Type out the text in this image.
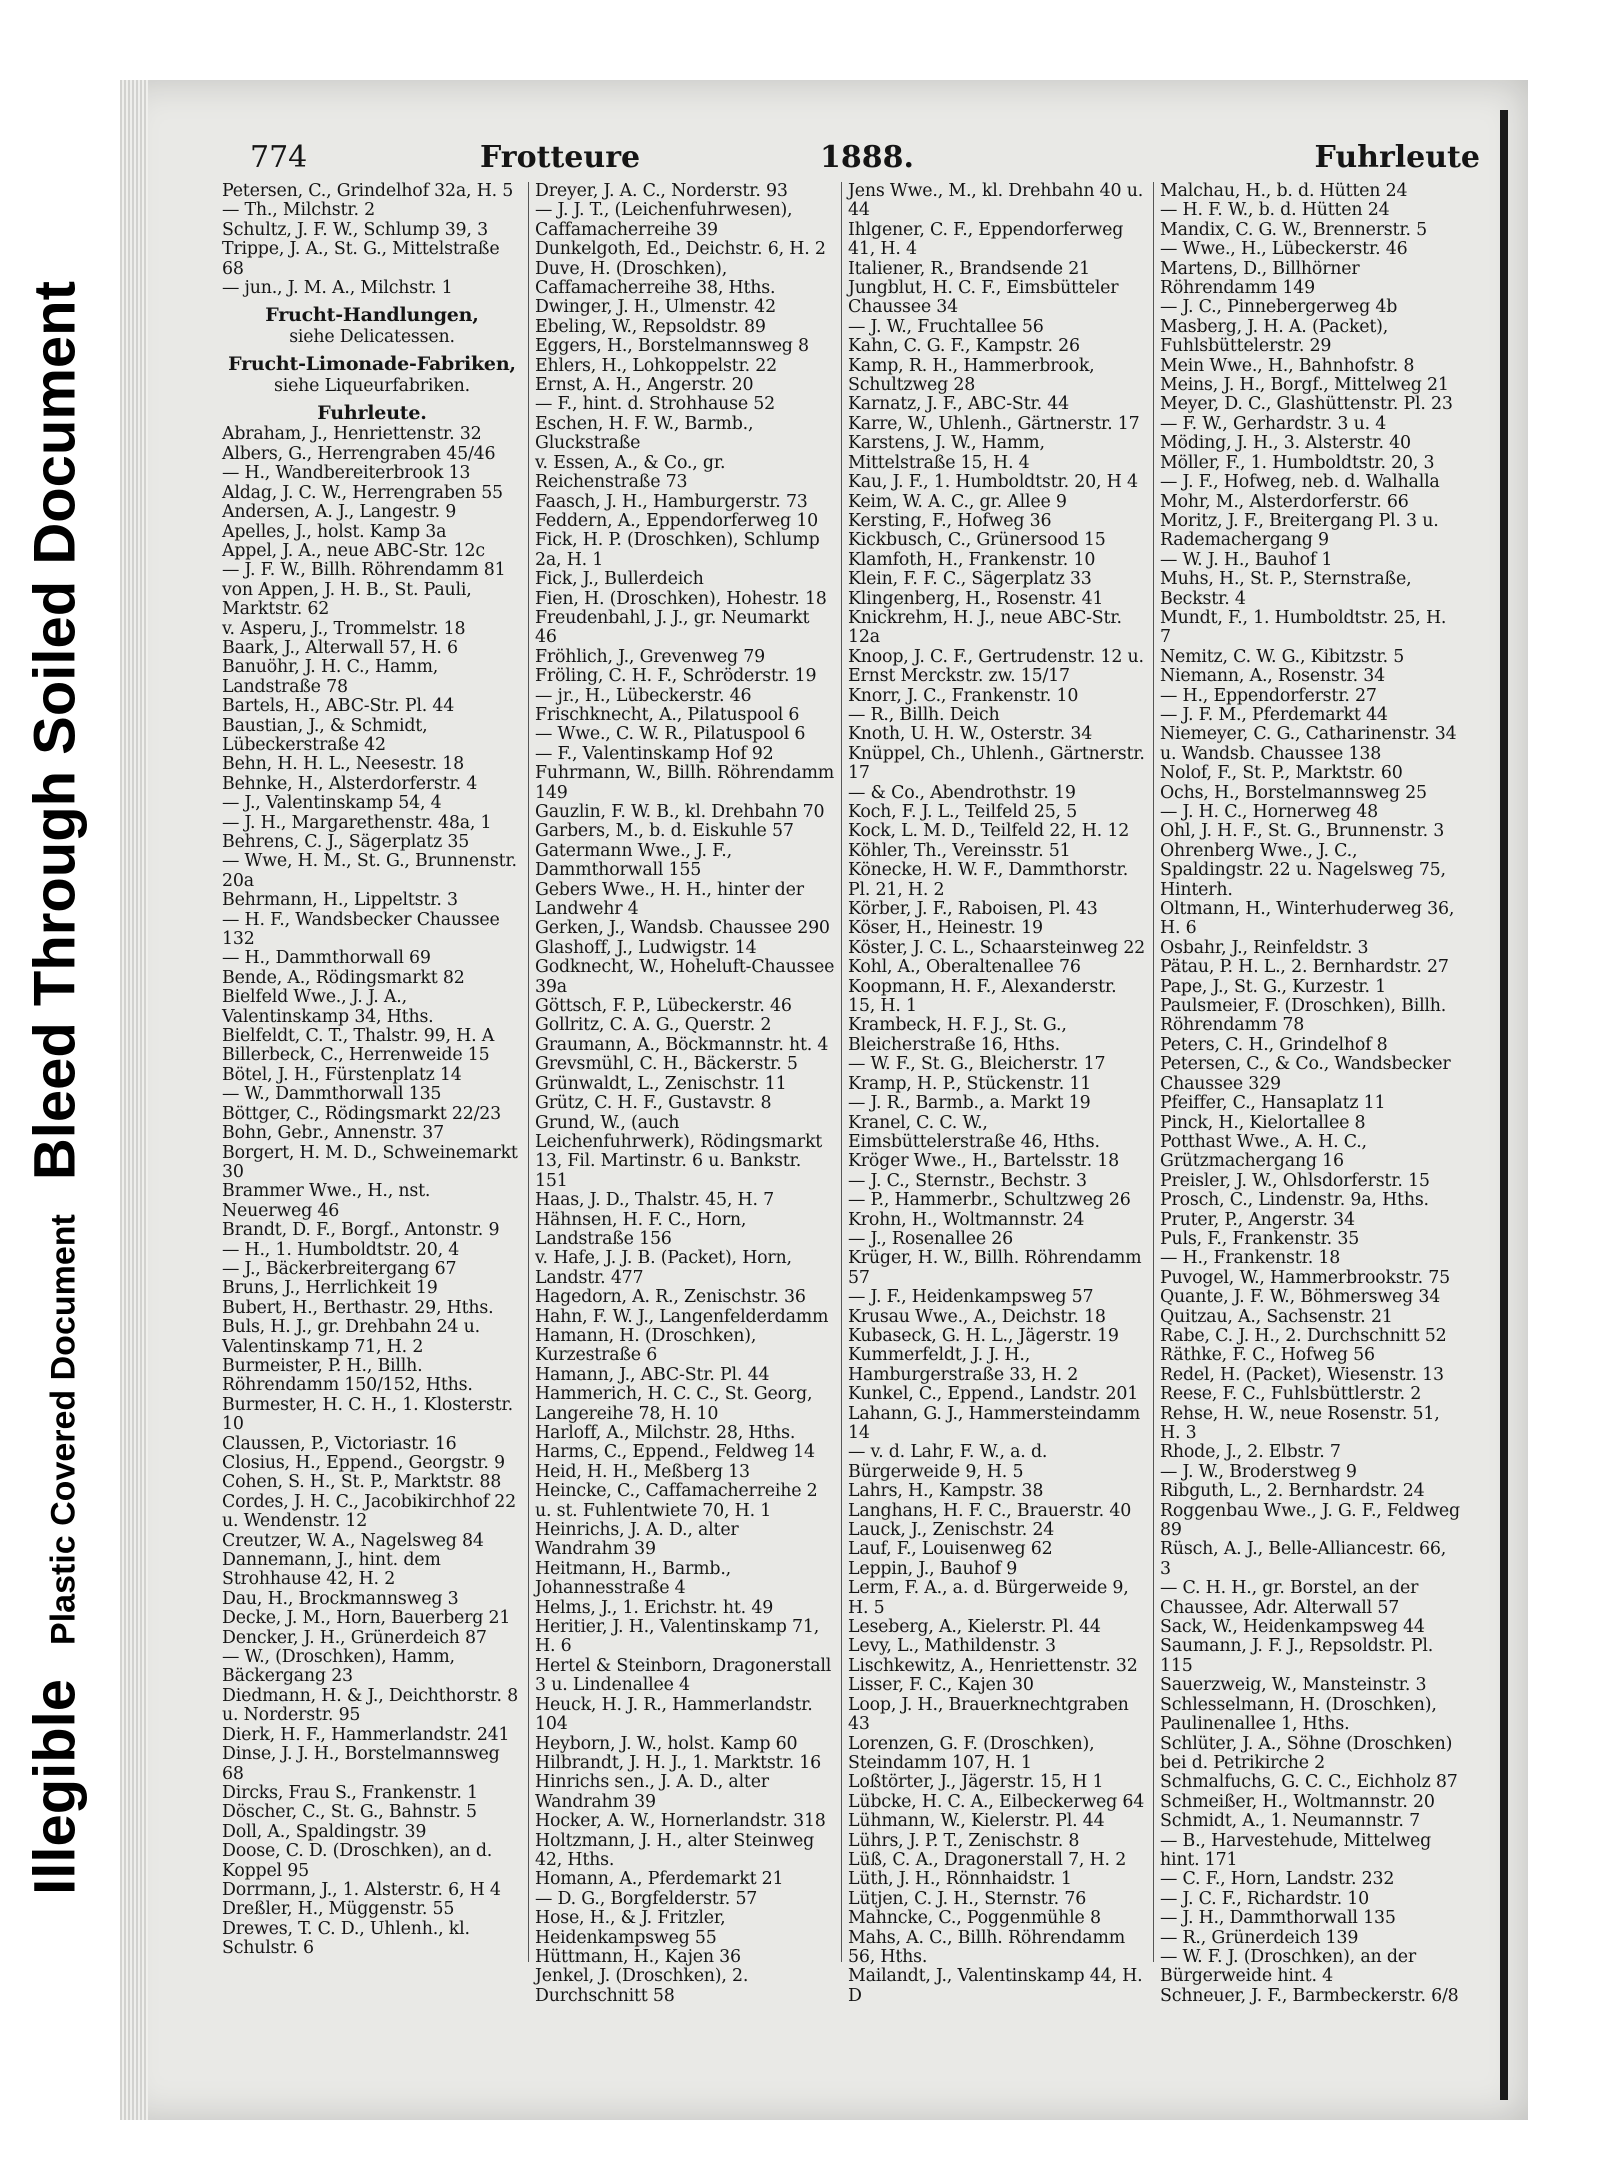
Illegible
Plastic Covered Document
Bleed Through Soiled Document
774	Frotteure	1888.	Fuhrleute
Petersen, C., Grindelhof 32a, H. 5
— Th., Milchstr. 2
Schultz, J. F. W., Schlump 39, 3
Trippe, J. A., St. G., Mittelstraße 68
— jun., J. M. A., Milchstr. 1
Frucht-Handlungen,
siehe Delicatessen.
Frucht-Limonade-Fabriken,
siehe Liqueurfabriken.
Fuhrleute.
Abraham, J., Henriettenstr. 32
Albers, G., Herrengraben 45/46
— H., Wandbereiterbrook 13
Aldag, J. C. W., Herrengraben 55
Andersen, A. J., Langestr. 9
Apelles, J., holst. Kamp 3a
Appel, J. A., neue ABC-Str. 12c
— J. F. W., Billh. Röhrendamm 81
von Appen, J. H. B., St. Pauli, Marktstr. 62
v. Asperu, J., Trommelstr. 18
Baark, J., Alterwall 57, H. 6
Banuöhr, J. H. C., Hamm, Landstraße 78
Bartels, H., ABC-Str. Pl. 44
Baustian, J., & Schmidt, Lübeckerstraße 42
Behn, H. H. L., Neesestr. 18
Behnke, H., Alsterdorferstr. 4
— J., Valentinskamp 54, 4
— J. H., Margarethenstr. 48a, 1
Behrens, C. J., Sägerplatz 35
— Wwe, H. M., St. G., Brunnenstr. 20a
Behrmann, H., Lippeltstr. 3
— H. F., Wandsbecker Chaussee 132
— H., Dammthorwall 69
Bende, A., Rödingsmarkt 82
Bielfeld Wwe., J. J. A., Valentinskamp 34, Hths.
Bielfeldt, C. T., Thalstr. 99, H. A
Billerbeck, C., Herrenweide 15
Bötel, J. H., Fürstenplatz 14
— W., Dammthorwall 135
Böttger, C., Rödingsmarkt 22/23
Bohn, Gebr., Annenstr. 37
Borgert, H. M. D., Schweinemarkt 30
Brammer Wwe., H., nst. Neuerweg 46
Brandt, D. F., Borgf., Antonstr. 9
— H., 1. Humboldtstr. 20, 4
— J., Bäckerbreitergang 67
Bruns, J., Herrlichkeit 19
Bubert, H., Berthastr. 29, Hths.
Buls, H. J., gr. Drehbahn 24 u. Valentinskamp 71, H. 2
Burmeister, P. H., Billh. Röhrendamm 150/152, Hths.
Burmester, H. C. H., 1. Klosterstr. 10
Claussen, P., Victoriastr. 16
Closius, H., Eppend., Georgstr. 9
Cohen, S. H., St. P., Marktstr. 88
Cordes, J. H. C., Jacobikirchhof 22 u. Wendenstr. 12
Creutzer, W. A., Nagelsweg 84
Dannemann, J., hint. dem Strohhause 42, H. 2
Dau, H., Brockmannsweg 3
Decke, J. M., Horn, Bauerberg 21
Dencker, J. H., Grünerdeich 87
— W., (Droschken), Hamm, Bäckergang 23
Diedmann, H. & J., Deichthorstr. 8 u. Norderstr. 95
Dierk, H. F., Hammerlandstr. 241
Dinse, J. J. H., Borstelmannsweg 68
Dircks, Frau S., Frankenstr. 1
Döscher, C., St. G., Bahnstr. 5
Doll, A., Spaldingstr. 39
Doose, C. D. (Droschken), an d. Koppel 95
Dorrmann, J., 1. Alsterstr. 6, H 4
Dreßler, H., Müggenstr. 55
Drewes, T. C. D., Uhlenh., kl. Schulstr. 6
Dreyer, J. A. C., Norderstr. 93
— J. J. T., (Leichenfuhrwesen), Caffamacherreihe 39
Dunkelgoth, Ed., Deichstr. 6, H. 2
Duve, H. (Droschken), Caffamacherreihe 38, Hths.
Dwinger, J. H., Ulmenstr. 42
Ebeling, W., Repsoldstr. 89
Eggers, H., Borstelmannsweg 8
Ehlers, H., Lohkoppelstr. 22
Ernst, A. H., Angerstr. 20
— F., hint. d. Strohhause 52
Eschen, H. F. W., Barmb., Gluckstraße
v. Essen, A., & Co., gr. Reichenstraße 73
Faasch, J. H., Hamburgerstr. 73
Feddern, A., Eppendorferweg 10
Fick, H. P. (Droschken), Schlump 2a, H. 1
Fick, J., Bullerdeich
Fien, H. (Droschken), Hohestr. 18
Freudenbahl, J. J., gr. Neumarkt 46
Fröhlich, J., Grevenweg 79
Fröling, C. H. F., Schröderstr. 19
— jr., H., Lübeckerstr. 46
Frischknecht, A., Pilatuspool 6
— Wwe., C. W. R., Pilatuspool 6
— F., Valentinskamp Hof 92
Fuhrmann, W., Billh. Röhrendamm 149
Gauzlin, F. W. B., kl. Drehbahn 70
Garbers, M., b. d. Eiskuhle 57
Gatermann Wwe., J. F., Dammthorwall 155
Gebers Wwe., H. H., hinter der Landwehr 4
Gerken, J., Wandsb. Chaussee 290
Glashoff, J., Ludwigstr. 14
Godknecht, W., Hoheluft-Chaussee 39a
Göttsch, F. P., Lübeckerstr. 46
Gollritz, C. A. G., Querstr. 2
Graumann, A., Böckmannstr. ht. 4
Grevsmühl, C. H., Bäckerstr. 5
Grünwaldt, L., Zenischstr. 11
Grütz, C. H. F., Gustavstr. 8
Grund, W., (auch Leichenfuhrwerk), Rödingsmarkt 13, Fil. Martinstr. 6 u. Bankstr. 151
Haas, J. D., Thalstr. 45, H. 7
Hähnsen, H. F. C., Horn, Landstraße 156
v. Hafe, J. J. B. (Packet), Horn, Landstr. 477
Hagedorn, A. R., Zenischstr. 36
Hahn, F. W. J., Langenfelderdamm
Hamann, H. (Droschken), Kurzestraße 6
Hamann, J., ABC-Str. Pl. 44
Hammerich, H. C. C., St. Georg, Langereihe 78, H. 10
Harloff, A., Milchstr. 28, Hths.
Harms, C., Eppend., Feldweg 14
Heid, H. H., Meßberg 13
Heincke, C., Caffamacherreihe 2 u. st. Fuhlentwiete 70, H. 1
Heinrichs, J. A. D., alter Wandrahm 39
Heitmann, H., Barmb., Johannesstraße 4
Helms, J., 1. Erichstr. ht. 49
Heritier, J. H., Valentinskamp 71, H. 6
Hertel & Steinborn, Dragonerstall 3 u. Lindenallee 4
Heuck, H. J. R., Hammerlandstr. 104
Heyborn, J. W., holst. Kamp 60
Hilbrandt, J. H. J., 1. Marktstr. 16
Hinrichs sen., J. A. D., alter Wandrahm 39
Hocker, A. W., Hornerlandstr. 318
Holtzmann, J. H., alter Steinweg 42, Hths.
Homann, A., Pferdemarkt 21
— D. G., Borgfelderstr. 57
Hose, H., & J. Fritzler, Heidenkampsweg 55
Hüttmann, H., Kajen 36
Jenkel, J. (Droschken), 2. Durchschnitt 58
Jens Wwe., M., kl. Drehbahn 40 u. 44
Ihlgener, C. F., Eppendorferweg 41, H. 4
Italiener, R., Brandsende 21
Jungblut, H. C. F., Eimsbütteler Chaussee 34
— J. W., Fruchtallee 56
Kahn, C. G. F., Kampstr. 26
Kamp, R. H., Hammerbrook, Schultzweg 28
Karnatz, J. F., ABC-Str. 44
Karre, W., Uhlenh., Gärtnerstr. 17
Karstens, J. W., Hamm, Mittelstraße 15, H. 4
Kau, J. F., 1. Humboldtstr. 20, H 4
Keim, W. A. C., gr. Allee 9
Kersting, F., Hofweg 36
Kickbusch, C., Grünersood 15
Klamfoth, H., Frankenstr. 10
Klein, F. F. C., Sägerplatz 33
Klingenberg, H., Rosenstr. 41
Knickrehm, H. J., neue ABC-Str. 12a
Knoop, J. C. F., Gertrudenstr. 12 u. Ernst Merckstr. zw. 15/17
Knorr, J. C., Frankenstr. 10
— R., Billh. Deich
Knoth, U. H. W., Osterstr. 34
Knüppel, Ch., Uhlenh., Gärtnerstr. 17
— & Co., Abendrothstr. 19
Koch, F. J. L., Teilfeld 25, 5
Kock, L. M. D., Teilfeld 22, H. 12
Köhler, Th., Vereinsstr. 51
Könecke, H. W. F., Dammthorstr. Pl. 21, H. 2
Körber, J. F., Raboisen, Pl. 43
Köser, H., Heinestr. 19
Köster, J. C. L., Schaarsteinweg 22
Kohl, A., Oberaltenallee 76
Koopmann, H. F., Alexanderstr. 15, H. 1
Krambeck, H. F. J., St. G., Bleicherstraße 16, Hths.
— W. F., St. G., Bleicherstr. 17
Kramp, H. P., Stückenstr. 11
— J. R., Barmb., a. Markt 19
Kranel, C. C. W., Eimsbüttelerstraße 46, Hths.
Kröger Wwe., H., Bartelsstr. 18
— J. C., Sternstr., Bechstr. 3
— P., Hammerbr., Schultzweg 26
Krohn, H., Woltmannstr. 24
— J., Rosenallee 26
Krüger, H. W., Billh. Röhrendamm 57
— J. F., Heidenkampsweg 57
Krusau Wwe., A., Deichstr. 18
Kubaseck, G. H. L., Jägerstr. 19
Kummerfeldt, J. J. H., Hamburgerstraße 33, H. 2
Kunkel, C., Eppend., Landstr. 201
Lahann, G. J., Hammersteindamm 14
— v. d. Lahr, F. W., a. d. Bürgerweide 9, H. 5
Lahrs, H., Kampstr. 38
Langhans, H. F. C., Brauerstr. 40
Lauck, J., Zenischstr. 24
Lauf, F., Louisenweg 62
Leppin, J., Bauhof 9
Lerm, F. A., a. d. Bürgerweide 9, H. 5
Leseberg, A., Kielerstr. Pl. 44
Levy, L., Mathildenstr. 3
Lischkewitz, A., Henriettenstr. 32
Lisser, F. C., Kajen 30
Loop, J. H., Brauerknechtgraben 43
Lorenzen, G. F. (Droschken), Steindamm 107, H. 1
Loßtörter, J., Jägerstr. 15, H 1
Lübcke, H. C. A., Eilbeckerweg 64
Lühmann, W., Kielerstr. Pl. 44
Lührs, J. P. T., Zenischstr. 8
Lüß, C. A., Dragonerstall 7, H. 2
Lüth, J. H., Rönnhaidstr. 1
Lütjen, C. J. H., Sternstr. 76
Mahncke, C., Poggenmühle 8
Mahs, A. C., Billh. Röhrendamm 56, Hths.
Mailandt, J., Valentinskamp 44, H. D
Malchau, H., b. d. Hütten 24
— H. F. W., b. d. Hütten 24
Mandix, C. G. W., Brennerstr. 5
— Wwe., H., Lübeckerstr. 46
Martens, D., Billhörner Röhrendamm 149
— J. C., Pinnebergerweg 4b
Masberg, J. H. A. (Packet), Fuhlsbüttelerstr. 29
Mein Wwe., H., Bahnhofstr. 8
Meins, J. H., Borgf., Mittelweg 21
Meyer, D. C., Glashüttenstr. Pl. 23
— F. W., Gerhardstr. 3 u. 4
Möding, J. H., 3. Alsterstr. 40
Möller, F., 1. Humboldtstr. 20, 3
— J. F., Hofweg, neb. d. Walhalla
Mohr, M., Alsterdorferstr. 66
Moritz, J. F., Breitergang Pl. 3 u. Rademachergang 9
— W. J. H., Bauhof 1
Muhs, H., St. P., Sternstraße, Beckstr. 4
Mundt, F., 1. Humboldtstr. 25, H. 7
Nemitz, C. W. G., Kibitzstr. 5
Niemann, A., Rosenstr. 34
— H., Eppendorferstr. 27
— J. F. M., Pferdemarkt 44
Niemeyer, C. G., Catharinenstr. 34 u. Wandsb. Chaussee 138
Nolof, F., St. P., Marktstr. 60
Ochs, H., Borstelmannsweg 25
— J. H. C., Hornerweg 48
Ohl, J. H. F., St. G., Brunnenstr. 3
Ohrenberg Wwe., J. C., Spaldingstr. 22 u. Nagelsweg 75, Hinterh.
Oltmann, H., Winterhuderweg 36, H. 6
Osbahr, J., Reinfeldstr. 3
Pätau, P. H. L., 2. Bernhardstr. 27
Pape, J., St. G., Kurzestr. 1
Paulsmeier, F. (Droschken), Billh. Röhrendamm 78
Peters, C. H., Grindelhof 8
Petersen, C., & Co., Wandsbecker Chaussee 329
Pfeiffer, C., Hansaplatz 11
Pinck, H., Kielortallee 8
Potthast Wwe., A. H. C., Grützmachergang 16
Preisler, J. W., Ohlsdorferstr. 15
Prosch, C., Lindenstr. 9a, Hths.
Pruter, P., Angerstr. 34
Puls, F., Frankenstr. 35
— H., Frankenstr. 18
Puvogel, W., Hammerbrookstr. 75
Quante, J. F. W., Böhmersweg 34
Quitzau, A., Sachsenstr. 21
Rabe, C. J. H., 2. Durchschnitt 52
Räthke, F. C., Hofweg 56
Redel, H. (Packet), Wiesenstr. 13
Reese, F. C., Fuhlsbüttlerstr. 2
Rehse, H. W., neue Rosenstr. 51, H. 3
Rhode, J., 2. Elbstr. 7
— J. W., Broderstweg 9
Ribguth, L., 2. Bernhardstr. 24
Roggenbau Wwe., J. G. F., Feldweg 89
Rüsch, A. J., Belle-Alliancestr. 66, 3
— C. H. H., gr. Borstel, an der Chaussee, Adr. Alterwall 57
Sack, W., Heidenkampsweg 44
Saumann, J. F. J., Repsoldstr. Pl. 115
Sauerzweig, W., Mansteinstr. 3
Schlesselmann, H. (Droschken), Paulinenallee 1, Hths.
Schlüter, J. A., Söhne (Droschken) bei d. Petrikirche 2
Schmalfuchs, G. C. C., Eichholz 87
Schmeißer, H., Woltmannstr. 20
Schmidt, A., 1. Neumannstr. 7
— B., Harvestehude, Mittelweg hint. 171
— C. F., Horn, Landstr. 232
— J. C. F., Richardstr. 10
— J. H., Dammthorwall 135
— R., Grünerdeich 139
— W. F. J. (Droschken), an der Bürgerweide hint. 4
Schneuer, J. F., Barmbeckerstr. 6/8
